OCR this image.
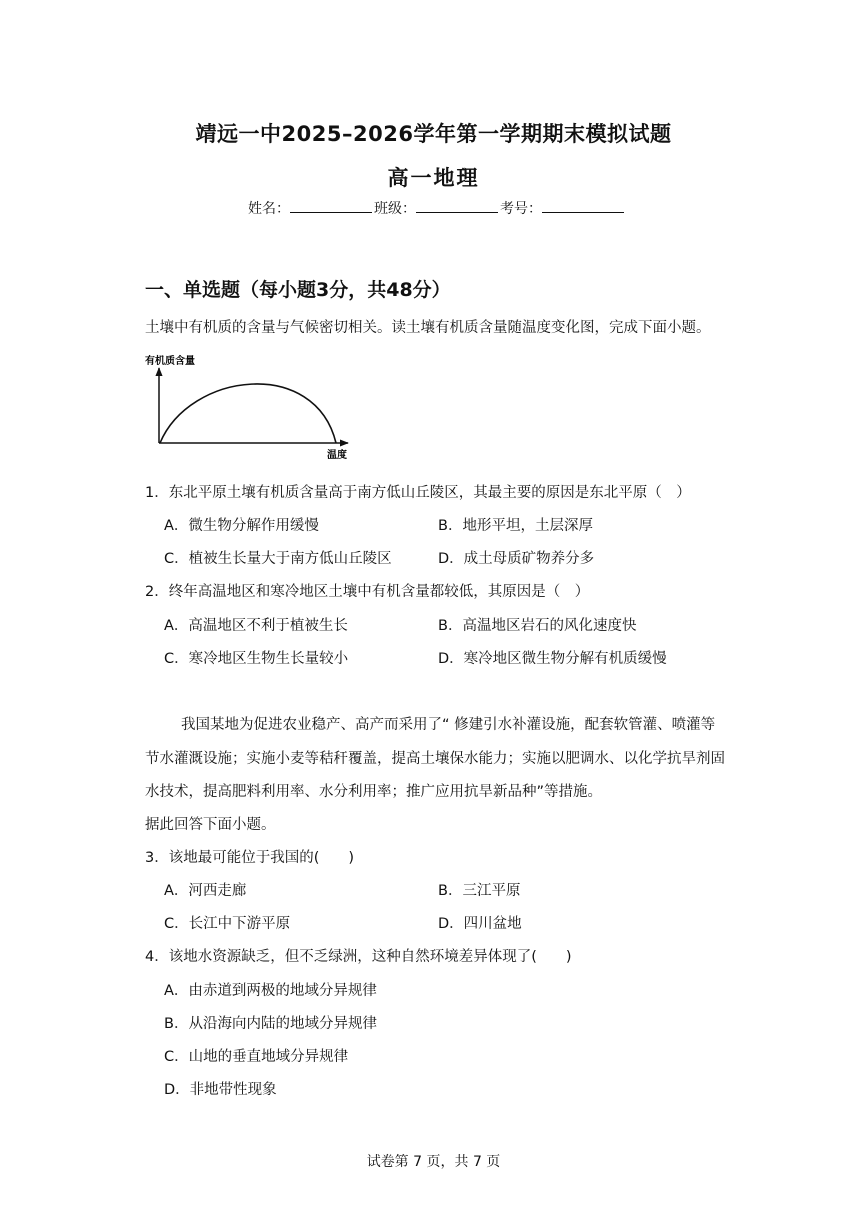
靖远一中2025–2026学年第一学期期末模拟试题
高一地理
姓名：	班级：	考号：
一、单选题（每小题3分，共48分）
土壤中有机质的含量与气候密切相关。读土壤有机质含量随温度变化图，完成下面小题。
有机质含量
温度
1．东北平原土壤有机质含量高于南方低山丘陵区，其最主要的原因是东北平原（　）
A．微生物分解作用缓慢	B．地形平坦，土层深厚
C．植被生长量大于南方低山丘陵区	D．成土母质矿物养分多
2．终年高温地区和寒冷地区土壤中有机含量都较低，其原因是（　）
A．高温地区不利于植被生长	B．高温地区岩石的风化速度快
C．寒冷地区生物生长量较小	D．寒冷地区微生物分解有机质缓慢
我国某地为促进农业稳产、高产而采用了“ 修建引水补灌设施，配套软管灌、喷灌等
节水灌溉设施；实施小麦等秸秆覆盖，提高土壤保水能力；实施以肥调水、以化学抗旱剂固
水技术，提高肥料利用率、水分利用率；推广应用抗旱新品种”等措施。
据此回答下面小题。
3．该地最可能位于我国的(　　)
A．河西走廊	B．三江平原
C．长江中下游平原	D．四川盆地
4．该地水资源缺乏，但不乏绿洲，这种自然环境差异体现了(　　)
A．由赤道到两极的地域分异规律
B．从沿海向内陆的地域分异规律
C．山地的垂直地域分异规律
D．非地带性现象
试卷第 7 页，共 7 页
